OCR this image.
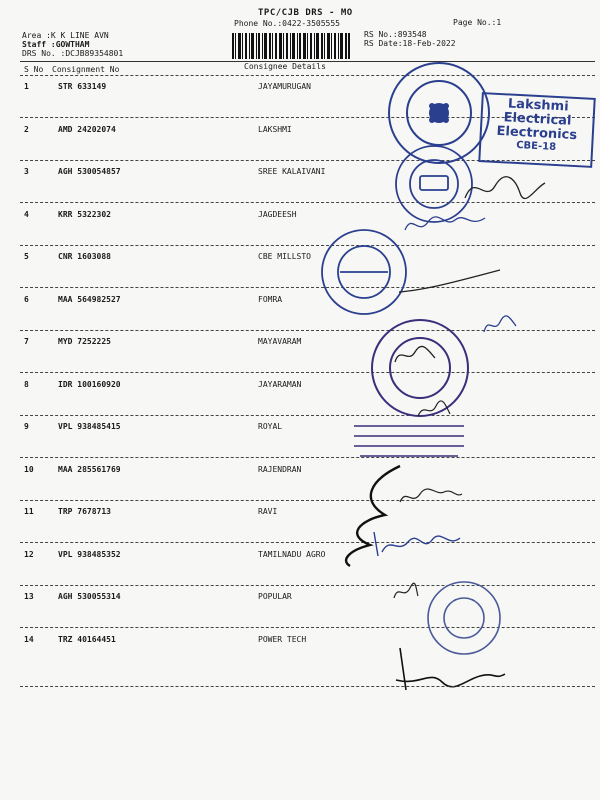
TPC/CJB DRS - MO
Phone No.:0422-3505555	Page No.:1
Area :K K LINE AVN
Staff :GOWTHAM
DRS No. :DCJB89354801
RS No.:893548
RS Date:18-Feb-2022
S No Consignment No	Consignee Details
1	STR 633149	JAYAMURUGAN
2	AMD 24202074	LAKSHMI
3	AGH 530054857	SREE KALAIVANI
4	KRR 5322302	JAGDEESH
5	CNR 1603088	CBE MILLSTO
6	MAA 564982527	FOMRA
7	MYD 7252225	MAYAVARAM
8	IDR 100160920	JAYARAMAN
9	VPL 938485415	ROYAL
10	MAA 285561769	RAJENDRAN
11	TRP 7678713	RAVI
12	VPL 938485352	TAMILNADU AGRO
13	AGH 530055314	POPULAR
14	TRZ 40164451	POWER TECH
Lakshmi
Electrical
Electronics
CBE-18
